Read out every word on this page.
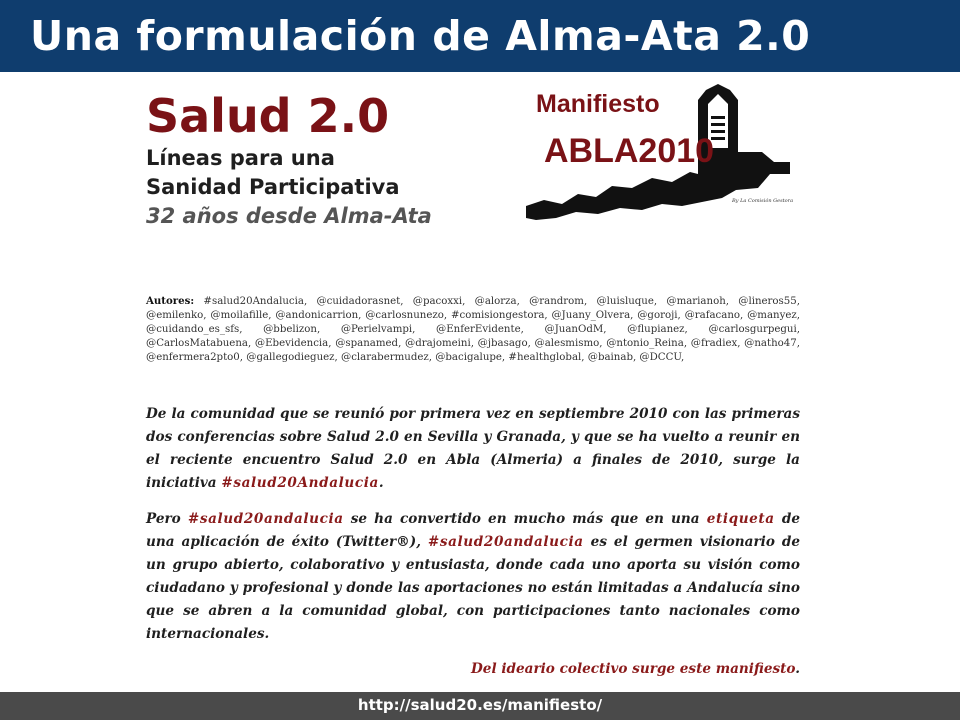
Una formulación de Alma-Ata 2.0
Salud 2.0
Líneas para una
Sanidad Participativa
32 años desde Alma-Ata
Manifiesto
ABLA2010
By La Comisión Gestora
Autores: #salud20Andalucia, @cuidadorasnet, @pacoxxi, @alorza, @randrom, @luisluque, @marianoh, @lineros55, @emilenko, @moilafille, @andonicarrion, @carlosnunezo, #comisiongestora, @Juany_Olvera, @goroji, @rafacano, @manyez, @cuidando_es_sfs, @bbelizon, @Perielvampi, @EnferEvidente, @JuanOdM, @flupianez, @carlosgurpegui, @CarlosMatabuena, @Ebevidencia, @spanamed, @drajomeini, @jbasago, @alesmismo, @ntonio_Reina, @fradiex, @natho47, @enfermera2pto0, @gallegodieguez, @clarabermudez, @bacigalupe, #healthglobal, @bainab, @DCCU,

De la comunidad que se reunió por primera vez en septiembre 2010 con las primeras dos conferencias sobre Salud 2.0 en Sevilla y Granada, y que se ha vuelto a reunir en el reciente encuentro Salud 2.0 en Abla (Almeria) a finales de 2010, surge la iniciativa #salud20Andalucia.

Pero #salud20andalucia se ha convertido en mucho más que en una etiqueta de una aplicación de éxito (Twitter®), #salud20andalucia es el germen visionario de un grupo abierto, colaborativo y entusiasta, donde cada uno aporta su visión como ciudadano y profesional y donde las aportaciones no están limitadas a Andalucía sino que se abren a la comunidad global, con participaciones tanto nacionales como internacionales.

Del ideario colectivo surge este manifiesto.
http://salud20.es/manifiesto/
